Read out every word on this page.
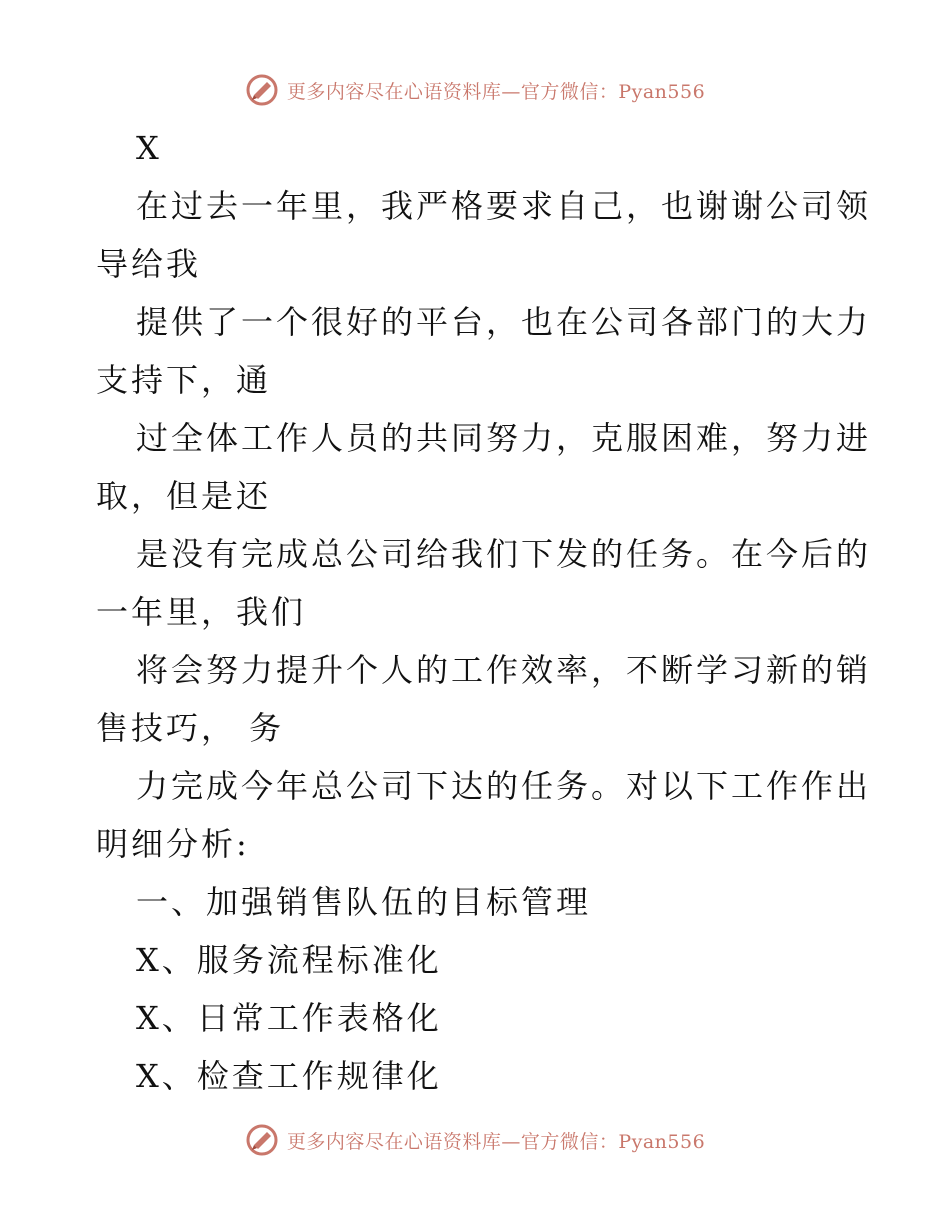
更多内容尽在心语资料库—官方微信：Pyan556
X
在过去一年里，我严格要求自己，也谢谢公司领
导给我
提供了一个很好的平台，也在公司各部门的大力
支持下，通
过全体工作人员的共同努力，克服困难，努力进
取，但是还
是没有完成总公司给我们下发的任务。在今后的
一年里，我们
将会努力提升个人的工作效率，不断学习新的销
售技巧， 务
力完成今年总公司下达的任务。对以下工作作出
明细分析:
一、加强销售队伍的目标管理
X、服务流程标准化
X、日常工作表格化
X、检查工作规律化
更多内容尽在心语资料库—官方微信：Pyan556
